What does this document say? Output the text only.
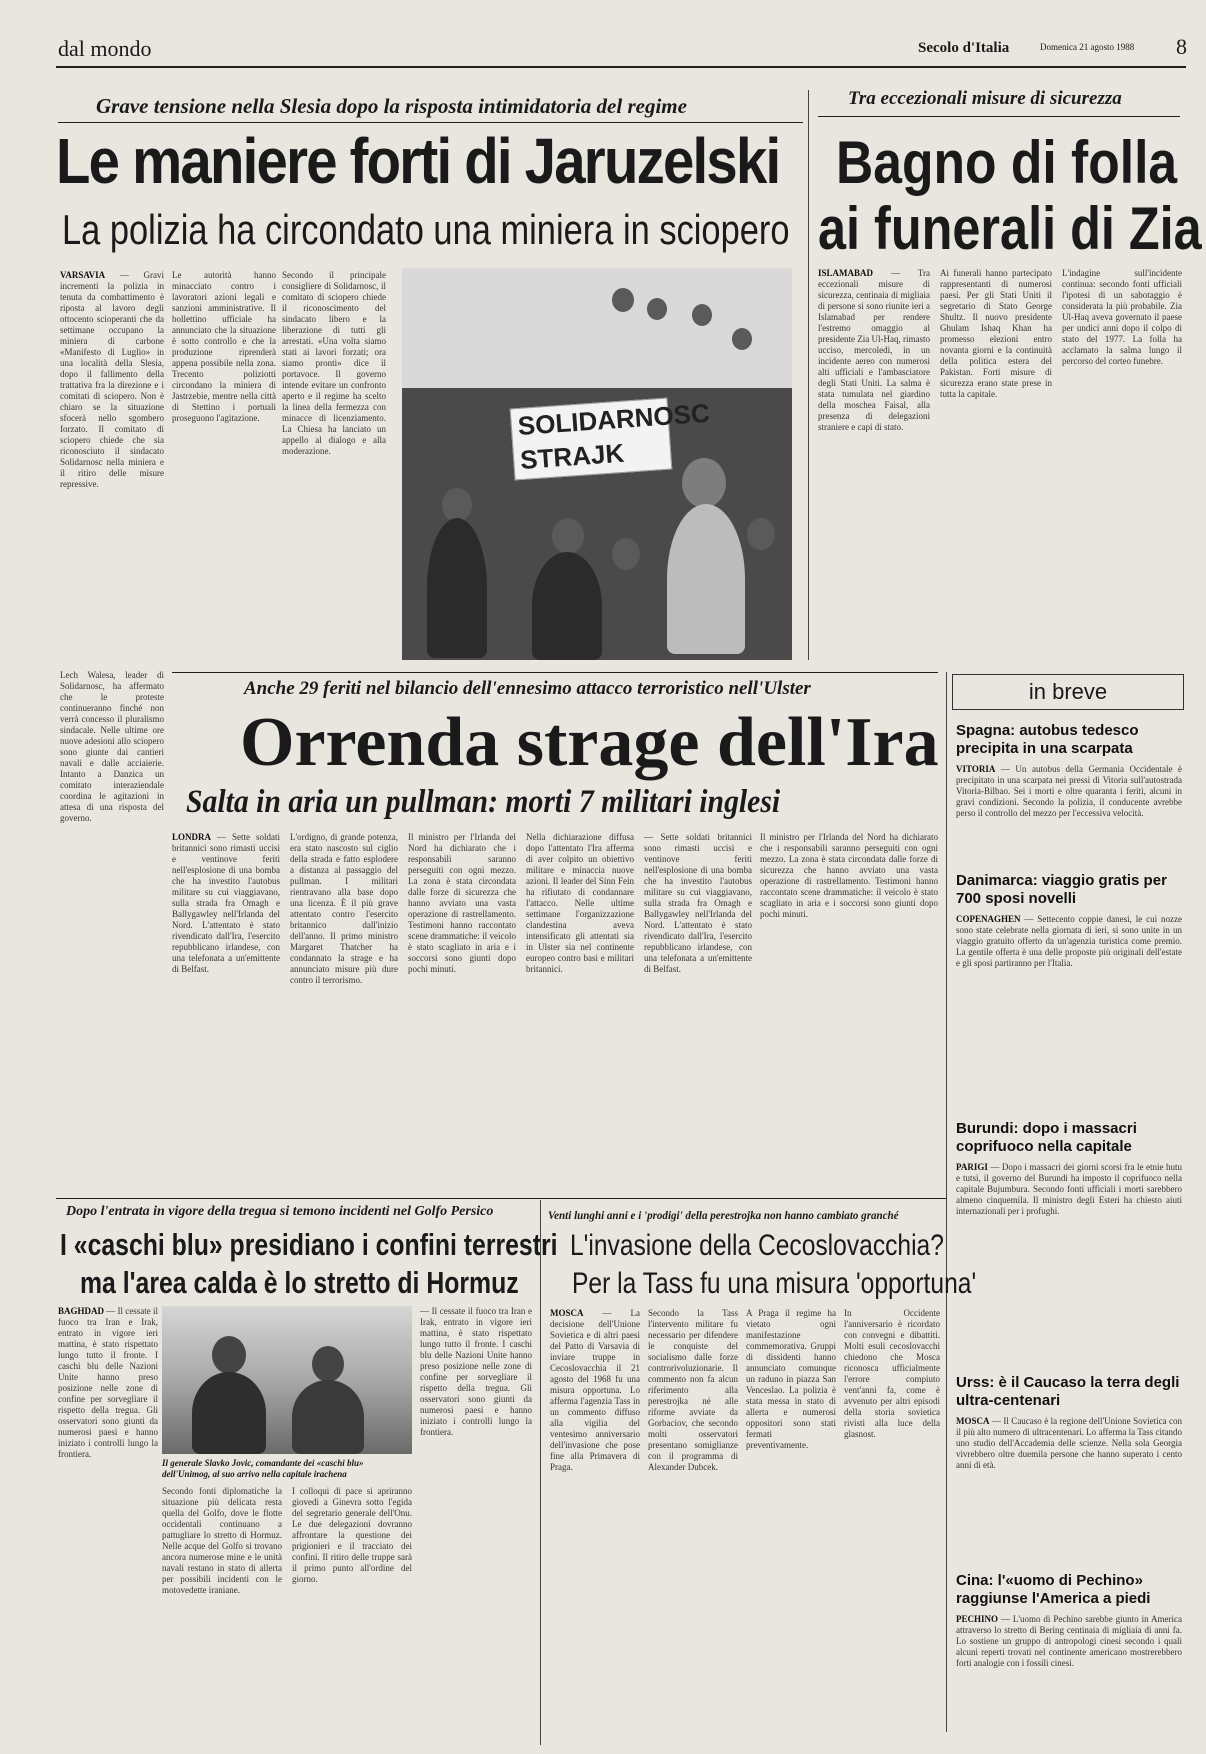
dal mondo	Secolo d'Italia	Domenica 21 agosto 1988	8
Grave tensione nella Slesia dopo la risposta intimidatoria del regime
Le maniere forti di Jaruzelski
La polizia ha circondato una miniera in sciopero
VARSAVIA — Gravi incrementi la polizia in tenuta da combattimento è riposta al lavoro degli ottocento scioperanti che da settimane occupano la miniera di carbone «Manifesto di Luglio» in una località della Slesia, dopo il fallimento della trattativa fra la direzione e i comitati di sciopero. Non è chiaro se la situazione sfocerà nello sgombero forzato. Il comitato di sciopero chiede che sia riconosciuto il sindacato Solidarnosc nella miniera e il ritiro delle misure repressive.
Le autorità hanno minacciato contro i lavoratori azioni legali e sanzioni amministrative. Il bollettino ufficiale ha annunciato che la situazione è sotto controllo e che la produzione riprenderà appena possibile nella zona. Trecento poliziotti circondano la miniera di Jastrzebie, mentre nella città di Stettino i portuali proseguono l'agitazione.
Secondo il principale consigliere di Solidarnosc, il comitato di sciopero chiede il riconoscimento del sindacato libero e la liberazione di tutti gli arrestati. «Una volta siamo stati ai lavori forzati; ora siamo pronti» dice il portavoce. Il governo intende evitare un confronto aperto e il regime ha scelto la linea della fermezza con minacce di licenziamento. La Chiesa ha lanciato un appello al dialogo e alla moderazione.
Lech Walesa, leader di Solidarnosc, ha affermato che le proteste continueranno finché non verrà concesso il pluralismo sindacale. Nelle ultime ore nuove adesioni allo sciopero sono giunte dai cantieri navali e dalle acciaierie. Intanto a Danzica un comitato interaziendale coordina le agitazioni in attesa di una risposta del governo.
SOLIDARNOSC
STRAJK
Tra eccezionali misure di sicurezza
Bagno di folla
ai funerali di Zia
ISLAMABAD — Tra eccezionali misure di sicurezza, centinaia di migliaia di persone si sono riunite ieri a Islamabad per rendere l'estremo omaggio al presidente Zia Ul-Haq, rimasto ucciso, mercoledì, in un incidente aereo con numerosi alti ufficiali e l'ambasciatore degli Stati Uniti. La salma è stata tumulata nel giardino della moschea Faisal, alla presenza di delegazioni straniere e capi di stato.
Ai funerali hanno partecipato rappresentanti di numerosi paesi. Per gli Stati Uniti il segretario di Stato George Shultz. Il nuovo presidente Ghulam Ishaq Khan ha promesso elezioni entro novanta giorni e la continuità della politica estera del Pakistan. Forti misure di sicurezza erano state prese in tutta la capitale.
L'indagine sull'incidente continua: secondo fonti ufficiali l'ipotesi di un sabotaggio è considerata la più probabile. Zia Ul-Haq aveva governato il paese per undici anni dopo il colpo di stato del 1977. La folla ha acclamato la salma lungo il percorso del corteo funebre.
Anche 29 feriti nel bilancio dell'ennesimo attacco terroristico nell'Ulster
Orrenda strage dell'Ira
Salta in aria un pullman: morti 7 militari inglesi
LONDRA — Sette soldati britannici sono rimasti uccisi e ventinove feriti nell'esplosione di una bomba che ha investito l'autobus militare su cui viaggiavano, sulla strada fra Omagh e Ballygawley nell'Irlanda del Nord. L'attentato è stato rivendicato dall'Ira, l'esercito repubblicano irlandese, con una telefonata a un'emittente di Belfast.
L'ordigno, di grande potenza, era stato nascosto sul ciglio della strada e fatto esplodere a distanza al passaggio del pullman. I militari rientravano alla base dopo una licenza. È il più grave attentato contro l'esercito britannico dall'inizio dell'anno. Il primo ministro Margaret Thatcher ha condannato la strage e ha annunciato misure più dure contro il terrorismo.
Il ministro per l'Irlanda del Nord ha dichiarato che i responsabili saranno perseguiti con ogni mezzo. La zona è stata circondata dalle forze di sicurezza che hanno avviato una vasta operazione di rastrellamento. Testimoni hanno raccontato scene drammatiche: il veicolo è stato scagliato in aria e i soccorsi sono giunti dopo pochi minuti.
Nella dichiarazione diffusa dopo l'attentato l'Ira afferma di aver colpito un obiettivo militare e minaccia nuove azioni. Il leader del Sinn Fein ha rifiutato di condannare l'attacco. Nelle ultime settimane l'organizzazione clandestina aveva intensificato gli attentati sia in Ulster sia nel continente europeo contro basi e militari britannici.
— Sette soldati britannici sono rimasti uccisi e ventinove feriti nell'esplosione di una bomba che ha investito l'autobus militare su cui viaggiavano, sulla strada fra Omagh e Ballygawley nell'Irlanda del Nord. L'attentato è stato rivendicato dall'Ira, l'esercito repubblicano irlandese, con una telefonata a un'emittente di Belfast.
Il ministro per l'Irlanda del Nord ha dichiarato che i responsabili saranno perseguiti con ogni mezzo. La zona è stata circondata dalle forze di sicurezza che hanno avviato una vasta operazione di rastrellamento. Testimoni hanno raccontato scene drammatiche: il veicolo è stato scagliato in aria e i soccorsi sono giunti dopo pochi minuti.
in breve
Spagna: autobus tedesco precipita in una scarpata
VITORIA — Un autobus della Germania Occidentale è precipitato in una scarpata nei pressi di Vitoria sull'autostrada Vitoria-Bilbao. Sei i morti e oltre quaranta i feriti, alcuni in gravi condizioni. Secondo la polizia, il conducente avrebbe perso il controllo del mezzo per l'eccessiva velocità.
Danimarca: viaggio gratis per 700 sposi novelli
COPENAGHEN — Settecento coppie danesi, le cui nozze sono state celebrate nella giornata di ieri, si sono unite in un viaggio gratuito offerto da un'agenzia turistica come premio. La gentile offerta è una delle proposte più originali dell'estate e gli sposi partiranno per l'Italia.
Burundi: dopo i massacri coprifuoco nella capitale
PARIGI — Dopo i massacri dei giorni scorsi fra le etnie hutu e tutsi, il governo del Burundi ha imposto il coprifuoco nella capitale Bujumbura. Secondo fonti ufficiali i morti sarebbero almeno cinquemila. Il ministro degli Esteri ha chiesto aiuti internazionali per i profughi.
Urss: è il Caucaso la terra degli ultra-centenari
MOSCA — Il Caucaso è la regione dell'Unione Sovietica con il più alto numero di ultracentenari. Lo afferma la Tass citando uno studio dell'Accademia delle scienze. Nella sola Georgia vivrebbero oltre duemila persone che hanno superato i cento anni di età.
Cina: l'«uomo di Pechino» raggiunse l'America a piedi
PECHINO — L'uomo di Pechino sarebbe giunto in America attraverso lo stretto di Bering centinaia di migliaia di anni fa. Lo sostiene un gruppo di antropologi cinesi secondo i quali alcuni reperti trovati nel continente americano mostrerebbero forti analogie con i fossili cinesi.
Dopo l'entrata in vigore della tregua si temono incidenti nel Golfo Persico
I «caschi blu» presidiano i confini terrestri
ma l'area calda è lo stretto di Hormuz
BAGHDAD — Il cessate il fuoco tra Iran e Irak, entrato in vigore ieri mattina, è stato rispettato lungo tutto il fronte. I caschi blu delle Nazioni Unite hanno preso posizione nelle zone di confine per sorvegliare il rispetto della tregua. Gli osservatori sono giunti da numerosi paesi e hanno iniziato i controlli lungo la frontiera.
Il generale Slavko Jovic, comandante dei «caschi blu» dell'Unimog, al suo arrivo nella capitale irachena
Secondo fonti diplomatiche la situazione più delicata resta quella del Golfo, dove le flotte occidentali continuano a pattugliare lo stretto di Hormuz. Nelle acque del Golfo si trovano ancora numerose mine e le unità navali restano in stato di allerta per possibili incidenti con le motovedette iraniane.
I colloqui di pace si apriranno giovedì a Ginevra sotto l'egida del segretario generale dell'Onu. Le due delegazioni dovranno affrontare la questione dei prigionieri e il tracciato dei confini. Il ritiro delle truppe sarà il primo punto all'ordine del giorno.
— Il cessate il fuoco tra Iran e Irak, entrato in vigore ieri mattina, è stato rispettato lungo tutto il fronte. I caschi blu delle Nazioni Unite hanno preso posizione nelle zone di confine per sorvegliare il rispetto della tregua. Gli osservatori sono giunti da numerosi paesi e hanno iniziato i controlli lungo la frontiera.
Venti lunghi anni e i 'prodigi' della perestrojka non hanno cambiato granché
L'invasione della Cecoslovacchia?
Per la Tass fu una misura 'opportuna'
MOSCA — La decisione dell'Unione Sovietica e di altri paesi del Patto di Varsavia di inviare truppe in Cecoslovacchia il 21 agosto del 1968 fu una misura opportuna. Lo afferma l'agenzia Tass in un commento diffuso alla vigilia del ventesimo anniversario dell'invasione che pose fine alla Primavera di Praga.
Secondo la Tass l'intervento militare fu necessario per difendere le conquiste del socialismo dalle forze controrivoluzionarie. Il commento non fa alcun riferimento alla perestrojka né alle riforme avviate da Gorbaciov, che secondo molti osservatori presentano somiglianze con il programma di Alexander Dubcek.
A Praga il regime ha vietato ogni manifestazione commemorativa. Gruppi di dissidenti hanno annunciato comunque un raduno in piazza San Venceslao. La polizia è stata messa in stato di allerta e numerosi oppositori sono stati fermati preventivamente.
In Occidente l'anniversario è ricordato con convegni e dibattiti. Molti esuli cecoslovacchi chiedono che Mosca riconosca ufficialmente l'errore compiuto vent'anni fa, come è avvenuto per altri episodi della storia sovietica rivisti alla luce della glasnost.
